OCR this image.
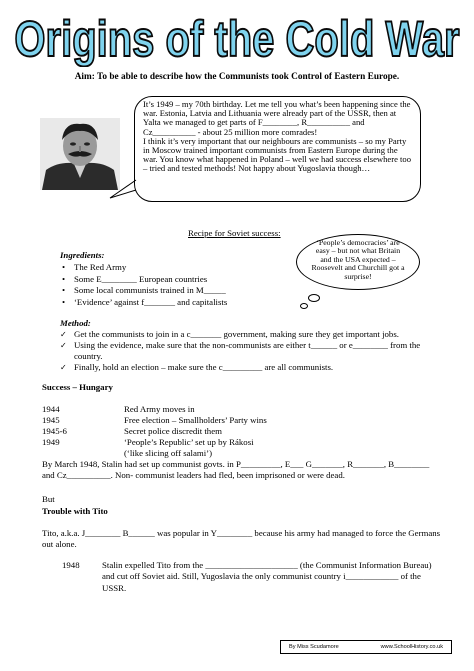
Origins of the Cold War
Aim: To be able to describe how the Communists took Control of Eastern Europe.

It’s 1949 – my 70th birthday. Let me tell you what’s been happening since the war. Estonia, Latvia and Lithuania were already part of the USSR, then at Yalta we managed to get parts of F________, R__________ and Cz__________ - about 25 million more comrades!

I think it’s very important that our neighbours are communists – so my Party in Moscow trained important communists from Eastern Europe during the war. You know what happened in Poland – well we had success elsewhere too – tried and tested methods! Not happy about Yugoslavia though…

Recipe for Soviet success:
‘People’s democracies’ are easy – but not what Britain and the USA expected – Roosevelt and Churchill got a surprise!
Ingredients:
• The Red Army
• Some E________ European countries
• Some local communists trained in M_____
• ‘Evidence’ against f_______ and capitalists
Method:
✓ Get the communists to join in a c_______ government, making sure they get important jobs.
✓ Using the evidence, make sure that the non-communists are either t______ or e________ from the country.
✓ Finally, hold an election – make sure the c_________ are all communists.
Success – Hungary
1944	Red Army moves in
1945	Free election – Smallholders’ Party wins
1945-6	Secret police discredit them
1949	‘People’s Republic’ set up by Rákosi
(‘like slicing off salami’)

By March 1948, Stalin had set up communist govts. in P_________, E___ G_______, R_______, B________ and Cz__________. Non- communist leaders had fled, been imprisoned or were dead.

But
Trouble with Tito

Tito, a.k.a. J________ B______ was popular in Y________ because his army had managed to force the Germans out alone.

1948	Stalin expelled Tito from the _____________________ (the Communist Information Bureau) and cut off Soviet aid. Still, Yugoslavia the only communist country i____________ of the USSR.
By Miss Scudamore	www.SchoolHistory.co.uk
